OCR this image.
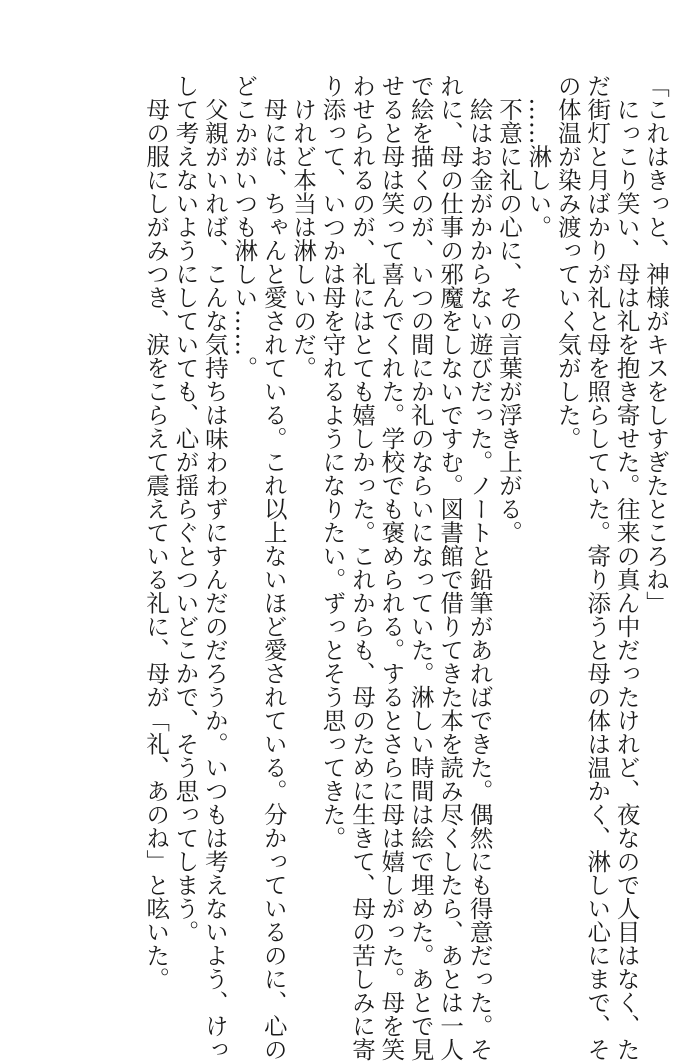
「これはきっと、神様がキスをしすぎたところね」
　にっこり笑い、母は礼を抱き寄せた。往来の真ん中だったけれど、夜なので人目はなく、た
だ街灯と月ばかりが礼と母を照らしていた。寄り添うと母の体は温かく、淋しい心にまで、そ
の体温が染み渡っていく気がした。
　……淋しい。
　不意に礼の心に、その言葉が浮き上がる。
　絵はお金がかからない遊びだった。ノートと鉛筆があればできた。偶然にも得意だった。そ
れに、母の仕事の邪魔をしないですむ。図書館で借りてきた本を読み尽くしたら、あとは一人
で絵を描くのが、いつの間にか礼のならいになっていた。淋しい時間は絵で埋めた。あとで見
せると母は笑って喜んでくれた。学校でも褒められる。するとさらに母は嬉しがった。母を笑
わせられるのが、礼にはとても嬉しかった。これからも、母のために生きて、母の苦しみに寄
り添って、いつかは母を守れるようになりたい。ずっとそう思ってきた。
　けれど本当は淋しいのだ。
　母には、ちゃんと愛されている。これ以上ないほど愛されている。分かっているのに、心の
どこかがいつも淋しい……。
　父親がいれば、こんな気持ちは味わわずにすんだのだろうか。いつもは考えないよう、けっ
して考えないようにしていても、心が揺らぐとついどこかで、そう思ってしまう。
　母の服にしがみつき、涙をこらえて震えている礼に、母が「礼、あのね」と呟いた。
